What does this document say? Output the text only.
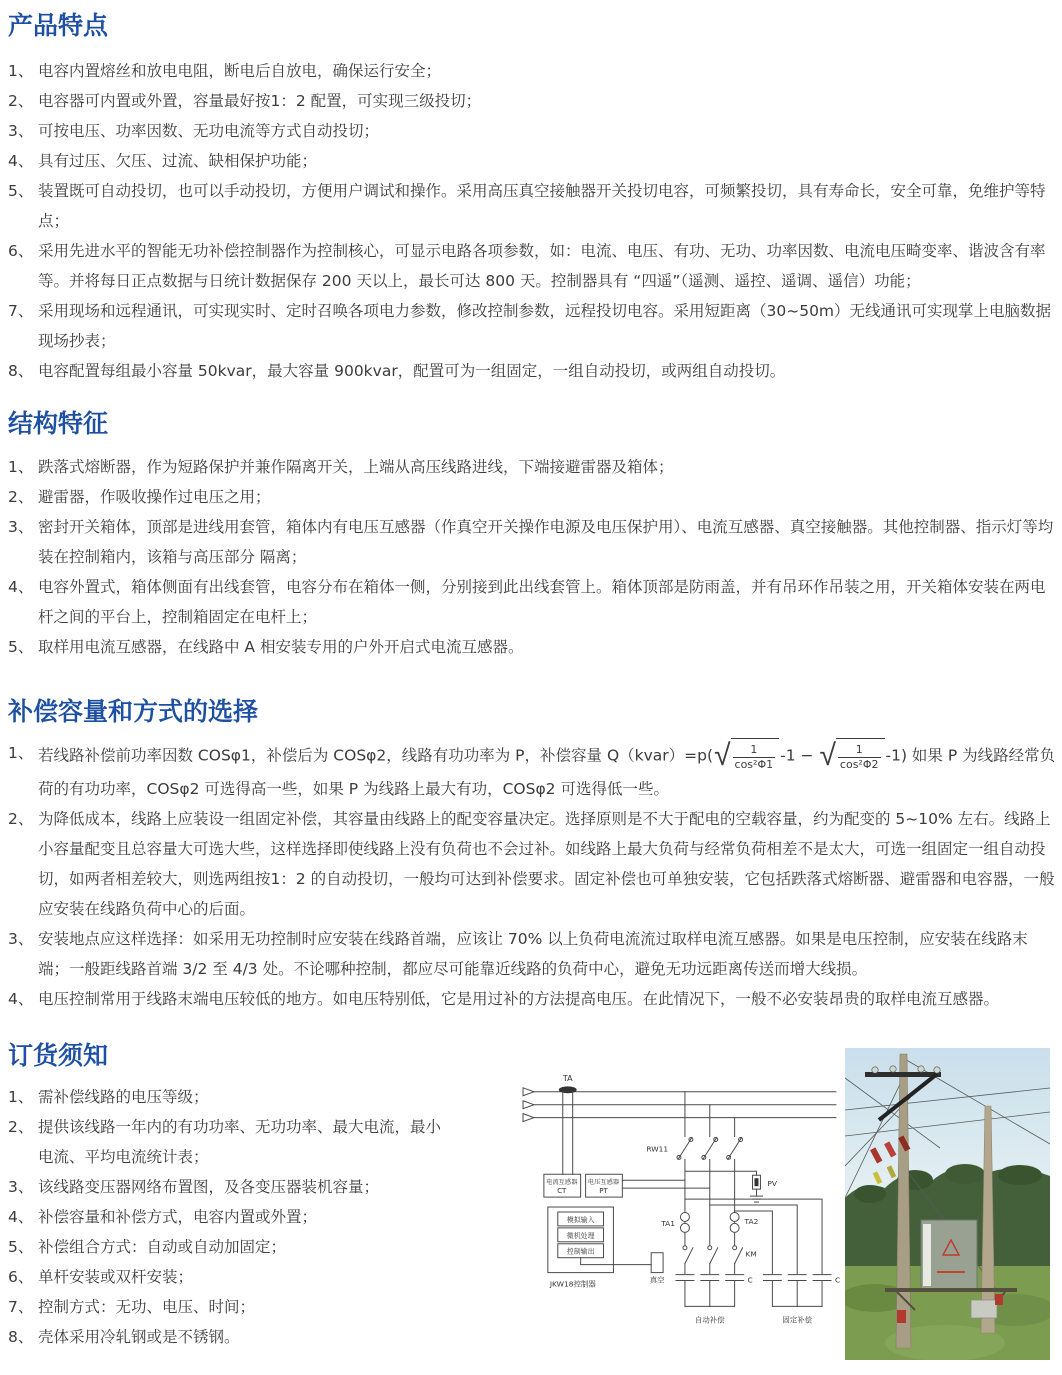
产品特点
1、 电容内置熔丝和放电电阻，断电后自放电，确保运行安全；
2、 电容器可内置或外置，容量最好按1：2 配置，可实现三级投切；
3、 可按电压、功率因数、无功电流等方式自动投切；
4、 具有过压、欠压、过流、缺相保护功能；
5、 装置既可自动投切，也可以手动投切，方便用户调试和操作。采用高压真空接触器开关投切电容，可频繁投切，具有寿命长，安全可靠，免维护等特点；
6、 采用先进水平的智能无功补偿控制器作为控制核心，可显示电路各项参数，如：电流、电压、有功、无功、功率因数、电流电压畸变率、谐波含有率等。并将每日正点数据与日统计数据保存 200 天以上，最长可达 800 天。控制器具有 “四遥”（遥测、遥控、遥调、遥信）功能；
7、 采用现场和远程通讯，可实现实时、定时召唤各项电力参数，修改控制参数，远程投切电容。采用短距离（30~50m）无线通讯可实现掌上电脑数据现场抄表；
8、 电容配置每组最小容量 50kvar，最大容量 900kvar，配置可为一组固定，一组自动投切，或两组自动投切。
结构特征
1、 跌落式熔断器，作为短路保护并兼作隔离开关，上端从高压线路进线，下端接避雷器及箱体；
2、 避雷器，作吸收操作过电压之用；
3、 密封开关箱体，顶部是进线用套管，箱体内有电压互感器（作真空开关操作电源及电压保护用）、电流互感器、真空接触器。其他控制器、指示灯等均装在控制箱内，该箱与高压部分 隔离；
4、 电容外置式，箱体侧面有出线套管，电容分布在箱体一侧，分别接到此出线套管上。箱体顶部是防雨盖，并有吊环作吊装之用，开关箱体安装在两电杆之间的平台上，控制箱固定在电杆上；
5、 取样用电流互感器，在线路中 A 相安装专用的户外开启式电流互感器。
补偿容量和方式的选择
1、 若线路补偿前功率因数 COSφ1，补偿后为 COSφ2，线路有功功率为 P，补偿容量 Q（kvar）=p( √ $\frac{1}{\text{cos²Φ1}} -1$ − √ $\frac{1}{\text{cos²Φ2}} -1$) 如果 P 为线路经常负荷的有功功率，COSφ2 可选得高一些，如果 P 为线路上最大有功，COSφ2 可选得低一些。
2、 为降低成本，线路上应装设一组固定补偿，其容量由线路上的配变容量决定。选择原则是不大于配电的空载容量，约为配变的 5~10% 左右。线路上小容量配变且总容量大可选大些，这样选择即使线路上没有负荷也不会过补。如线路上最大负荷与经常负荷相差不是太大，可选一组固定一组自动投切，如两者相差较大，则选两组按1：2 的自动投切，一般均可达到补偿要求。固定补偿也可单独安装，它包括跌落式熔断器、避雷器和电容器，一般应安装在线路负荷中心的后面。
3、 安装地点应这样选择：如采用无功控制时应安装在线路首端，应该让 70% 以上负荷电流流过取样电流互感器。如果是电压控制，应安装在线路末端；一般距线路首端 3/2 至 4/3 处。不论哪种控制，都应尽可能靠近线路的负荷中心，避免无功远距离传送而增大线损。
4、 电压控制常用于线路末端电压较低的地方。如电压特别低，它是用过补的方法提高电压。在此情况下，一般不必安装昂贵的取样电流互感器。
订货须知
1、 需补偿线路的电压等级；
2、 提供该线路一年内的有功功率、无功功率、最大电流，最小电流、平均电流统计表；
3、 该线路变压器网络布置图，及各变压器装机容量；
4、 补偿容量和补偿方式，电容内置或外置；
5、 补偿组合方式：自动或自动加固定；
6、 单杆安装或双杆安装；
7、 控制方式：无功、电压、时间；
8、 壳体采用冷轧钢或是不锈钢。
TA
电流互感器
CT
电压互感器
PT
模拟输入
微机处理
控制输出
JKW18控制器	真空
RW11
PV
TA1	TA2
KM
C	C
自动补偿	固定补偿
